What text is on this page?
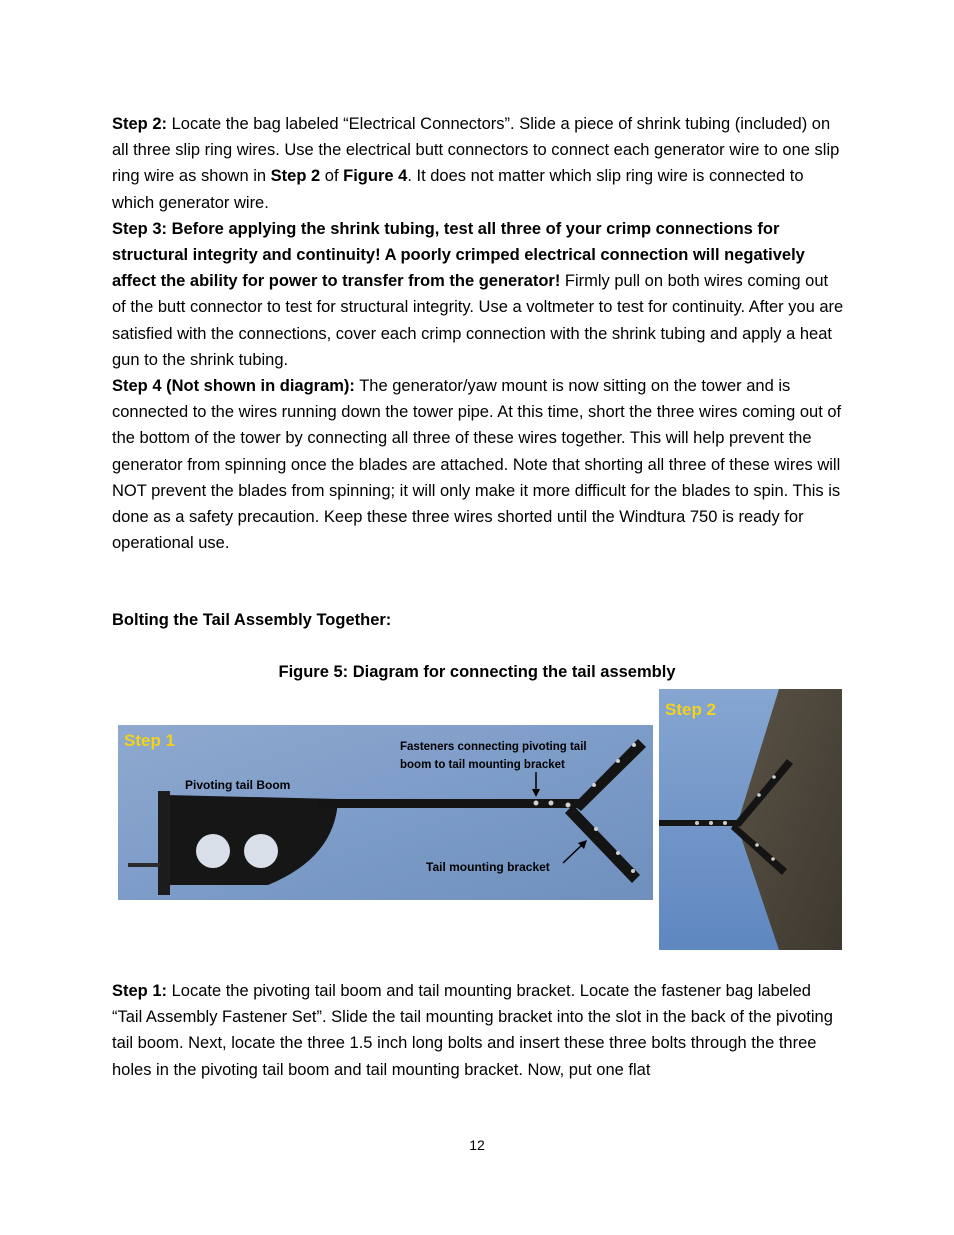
Step 2: Locate the bag labeled “Electrical Connectors”. Slide a piece of shrink tubing (included) on all three slip ring wires. Use the electrical butt connectors to connect each generator wire to one slip ring wire as shown in Step 2 of Figure 4. It does not matter which slip ring wire is connected to which generator wire.

Step 3: Before applying the shrink tubing, test all three of your crimp connections for structural integrity and continuity! A poorly crimped electrical connection will negatively affect the ability for power to transfer from the generator! Firmly pull on both wires coming out of the butt connector to test for structural integrity. Use a voltmeter to test for continuity. After you are satisfied with the connections, cover each crimp connection with the shrink tubing and apply a heat gun to the shrink tubing.

Step 4 (Not shown in diagram): The generator/yaw mount is now sitting on the tower and is connected to the wires running down the tower pipe. At this time, short the three wires coming out of the bottom of the tower by connecting all three of these wires together. This will help prevent the generator from spinning once the blades are attached. Note that shorting all three of these wires will NOT prevent the blades from spinning; it will only make it more difficult for the blades to spin. This is done as a safety precaution. Keep these three wires shorted until the Windtura 750 is ready for operational use.

Bolting the Tail Assembly Together:
Figure 5: Diagram for connecting the tail assembly
Step 1
Pivoting tail Boom
Fasteners connecting pivoting tail
boom to tail mounting bracket
Tail mounting bracket
Step 2

Step 1: Locate the pivoting tail boom and tail mounting bracket. Locate the fastener bag labeled “Tail Assembly Fastener Set”. Slide the tail mounting bracket into the slot in the back of the pivoting tail boom. Next, locate the three 1.5 inch long bolts and insert these three bolts through the three holes in the pivoting tail boom and tail mounting bracket. Now, put one flat

12
